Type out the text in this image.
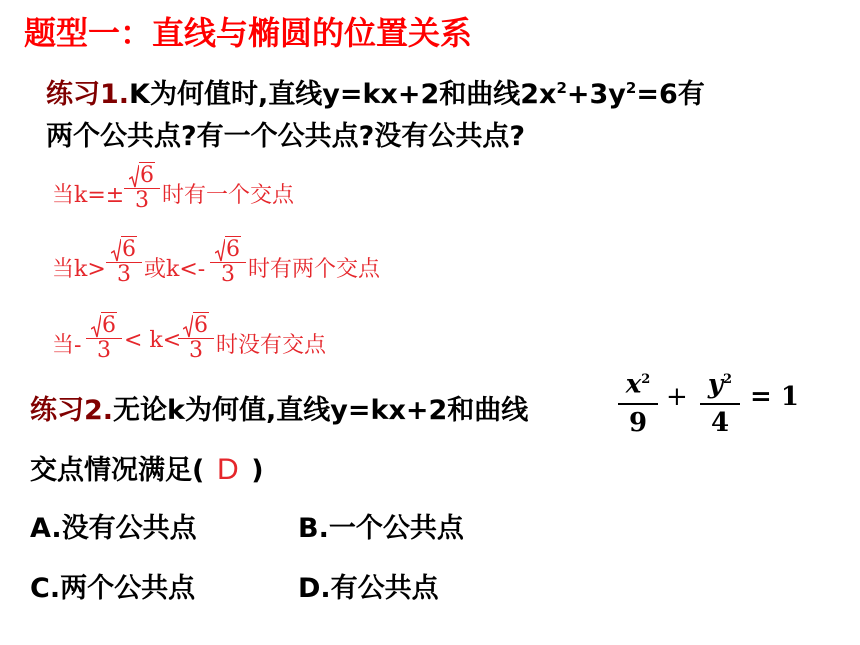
题型一：直线与椭圆的位置关系
练习1.K为何值时,直线y=kx+2和曲线$2x^2+3y^2=6$有
两个公共点?有一个公共点?没有公共点?
当k=±
6
3 时有一个交点
当k>
6
3 或k<-
6
3 时有两个交点
当-
6
3 < k<
6
3 时没有交点
练习2.无论k为何值,直线y=kx+2和曲线
$x^2$
9
+ $y^2$
4
= 1
交点情况满足( D )
A.没有公共点	B.一个公共点
C.两个公共点	D.有公共点
